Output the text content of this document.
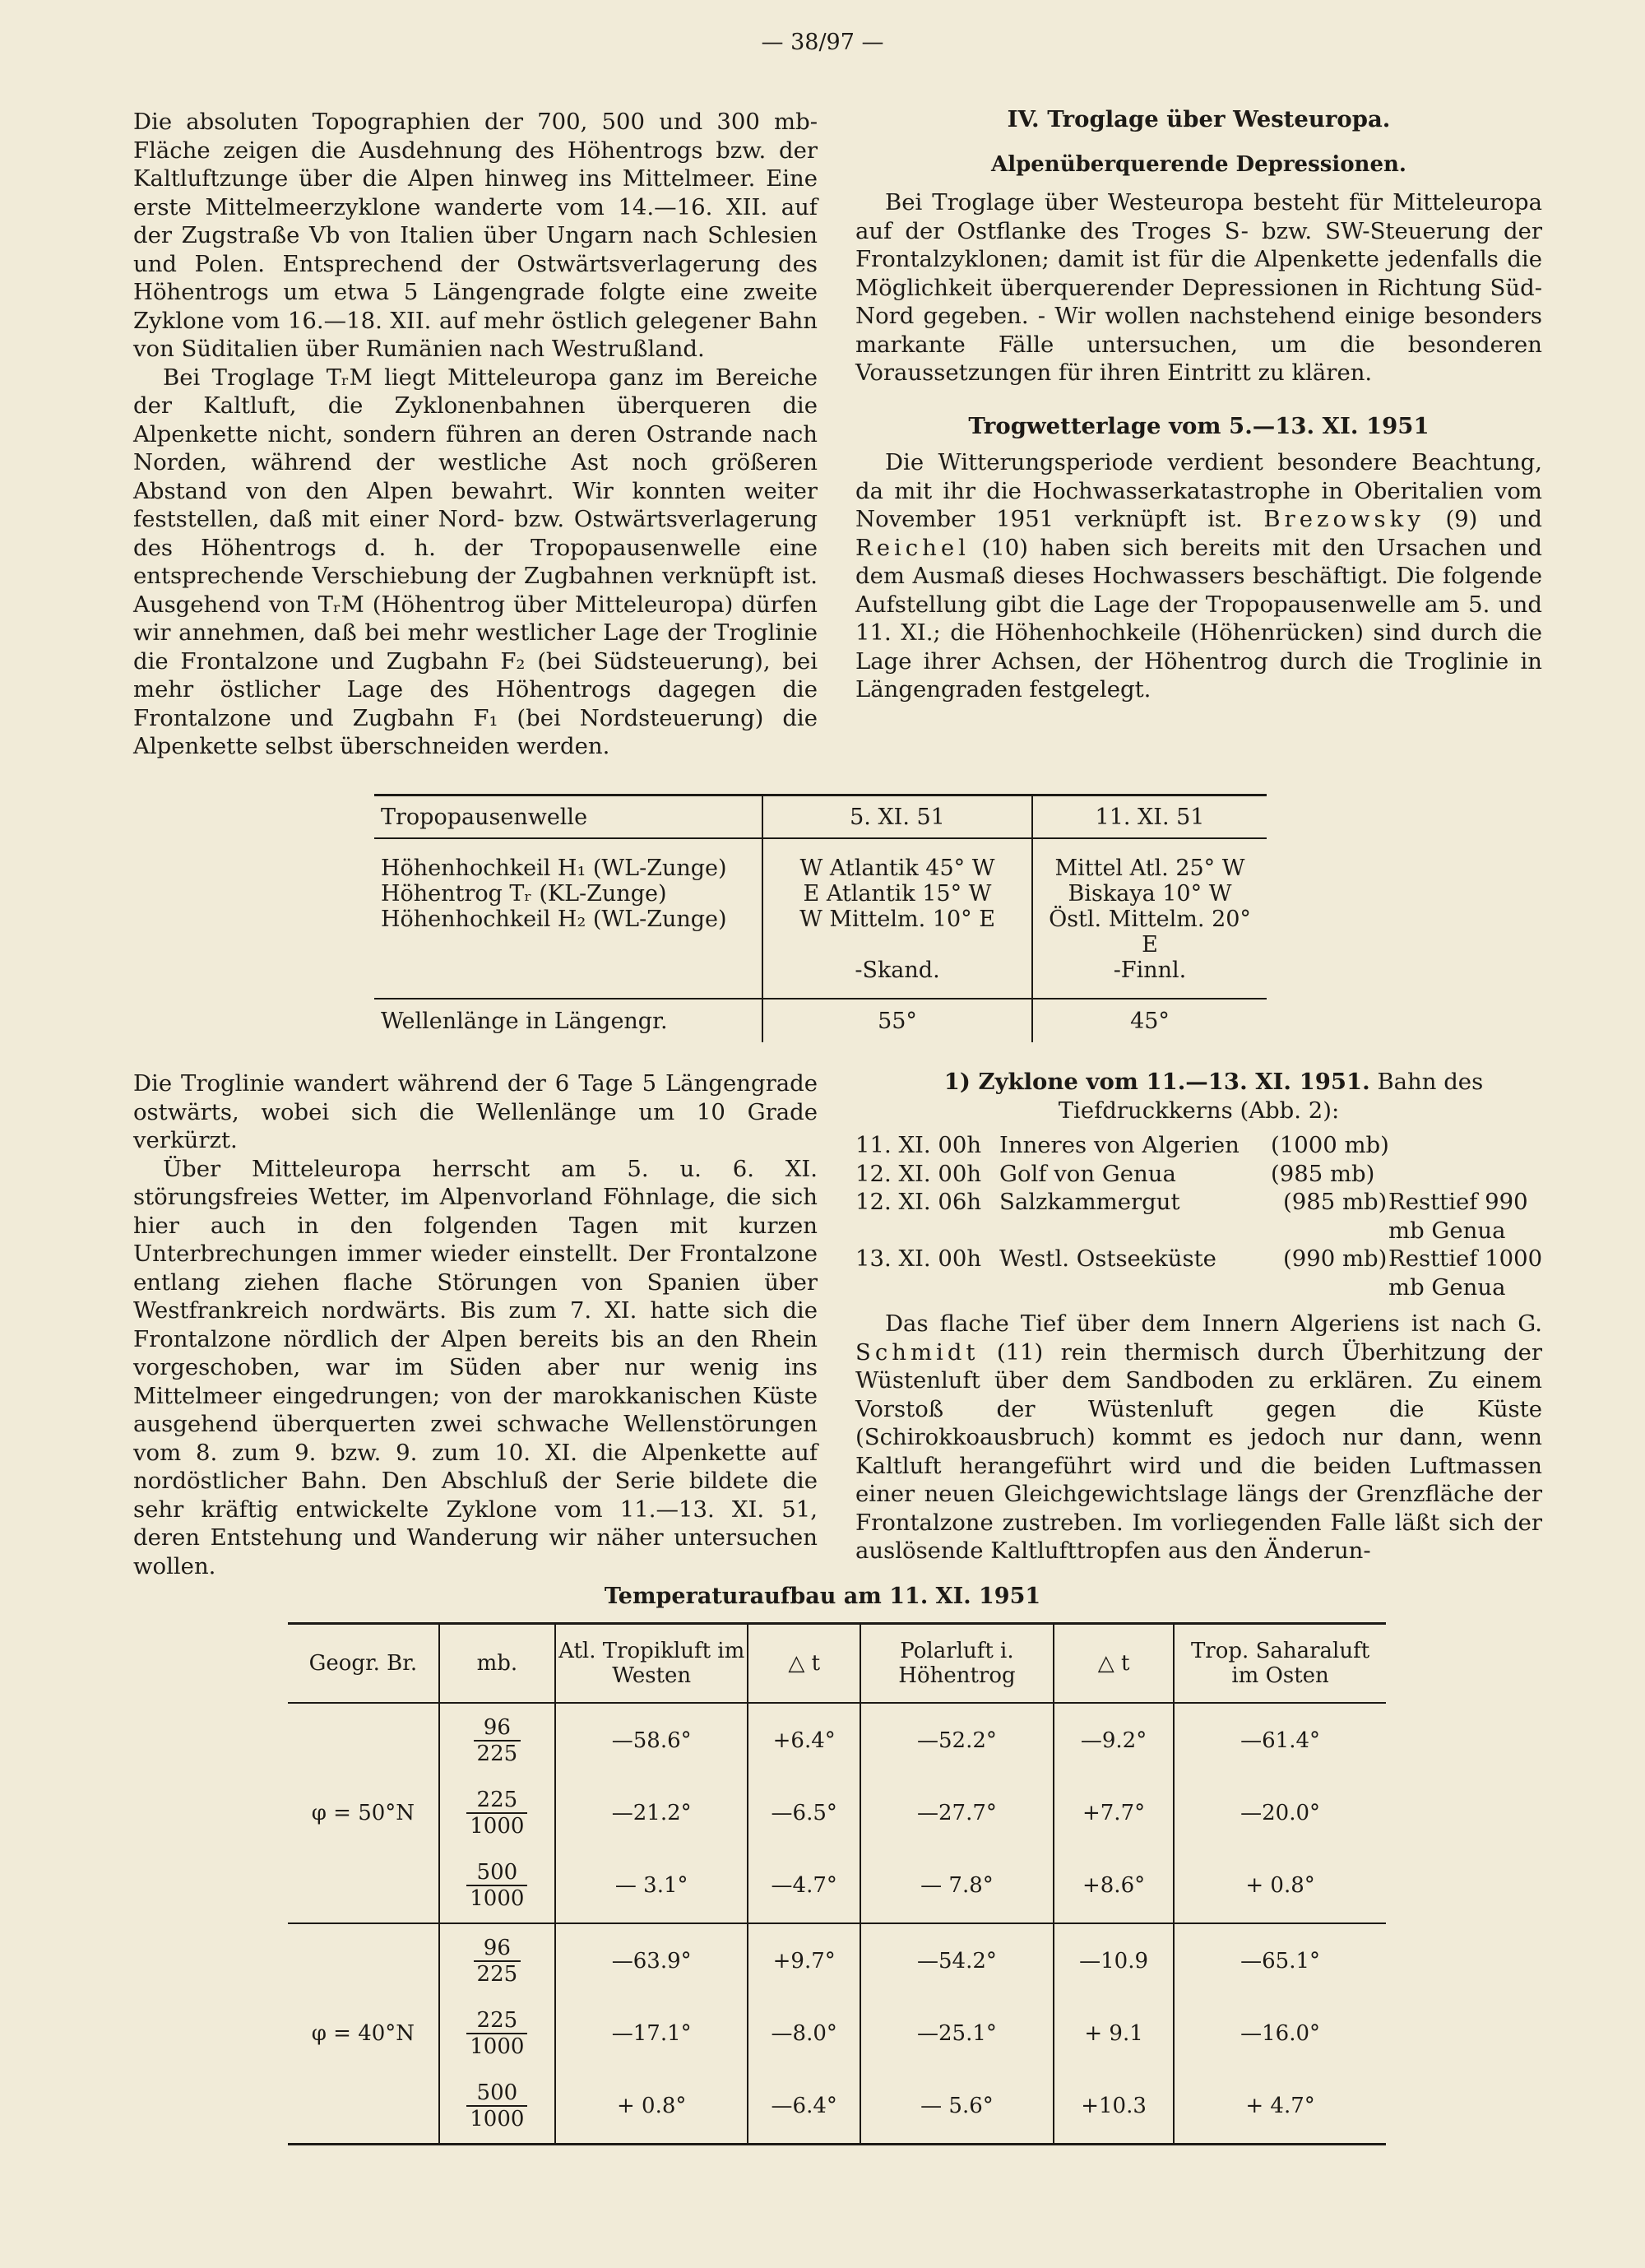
— 38/97 —

Die absoluten Topographien der 700, 500 und 300 mb-Fläche zeigen die Ausdehnung des Höhentrogs bzw. der Kaltluftzunge über die Alpen hinweg ins Mittelmeer. Eine erste Mittelmeerzyklone wanderte vom 14.—16. XII. auf der Zugstraße Vb von Italien über Ungarn nach Schlesien und Polen. Entsprechend der Ostwärtsverlagerung des Höhentrogs um etwa 5 Längengrade folgte eine zweite Zyklone vom 16.—18. XII. auf mehr östlich gelegener Bahn von Süditalien über Rumänien nach Westrußland.

Bei Troglage TᵣM liegt Mitteleuropa ganz im Bereiche der Kaltluft, die Zyklonenbahnen überqueren die Alpenkette nicht, sondern führen an deren Ostrande nach Norden, während der westliche Ast noch größeren Abstand von den Alpen bewahrt. Wir konnten weiter feststellen, daß mit einer Nord- bzw. Ostwärtsverlagerung des Höhentrogs d. h. der Tropopausenwelle eine entsprechende Verschiebung der Zugbahnen verknüpft ist. Ausgehend von TᵣM (Höhentrog über Mitteleuropa) dürfen wir annehmen, daß bei mehr westlicher Lage der Troglinie die Frontalzone und Zugbahn F₂ (bei Südsteuerung), bei mehr östlicher Lage des Höhentrogs dagegen die Frontalzone und Zugbahn F₁ (bei Nordsteuerung) die Alpenkette selbst überschneiden werden.

IV. Troglage über Westeuropa.

Alpenüberquerende Depressionen.

Bei Troglage über Westeuropa besteht für Mitteleuropa auf der Ostflanke des Troges S- bzw. SW-Steuerung der Frontalzyklonen; damit ist für die Alpenkette jedenfalls die Möglichkeit überquerender Depressionen in Richtung Süd-Nord gegeben. - Wir wollen nachstehend einige besonders markante Fälle untersuchen, um die besonderen Voraussetzungen für ihren Eintritt zu klären.

Trogwetterlage vom 5.—13. XI. 1951

Die Witterungsperiode verdient besondere Beachtung, da mit ihr die Hochwasserkatastrophe in Oberitalien vom November 1951 verknüpft ist. Brezowsky (9) und Reichel (10) haben sich bereits mit den Ursachen und dem Ausmaß dieses Hochwassers beschäftigt. Die folgende Aufstellung gibt die Lage der Tropopausenwelle am 5. und 11. XI.; die Höhenhochkeile (Höhenrücken) sind durch die Lage ihrer Achsen, der Höhentrog durch die Troglinie in Längengraden festgelegt.

Tropopausenwelle	5. XI. 51	11. XI. 51
Höhenhochkeil H₁ (WL-Zunge)	W Atlantik 45° W	Mittel Atl. 25° W
Höhentrog Tᵣ (KL-Zunge)	E Atlantik 15° W	Biskaya 10° W
Höhenhochkeil H₂ (WL-Zunge)	W Mittelm. 10° E	Östl. Mittelm. 20° E
	-Skand.	-Finnl.
Wellenlänge in Längengr.	55°	45°

Die Troglinie wandert während der 6 Tage 5 Längengrade ostwärts, wobei sich die Wellenlänge um 10 Grade verkürzt.

Über Mitteleuropa herrscht am 5. u. 6. XI. störungsfreies Wetter, im Alpenvorland Föhnlage, die sich hier auch in den folgenden Tagen mit kurzen Unterbrechungen immer wieder einstellt. Der Frontalzone entlang ziehen flache Störungen von Spanien über Westfrankreich nordwärts. Bis zum 7. XI. hatte sich die Frontalzone nördlich der Alpen bereits bis an den Rhein vorgeschoben, war im Süden aber nur wenig ins Mittelmeer eingedrungen; von der marokkanischen Küste ausgehend überquerten zwei schwache Wellenstörungen vom 8. zum 9. bzw. 9. zum 10. XI. die Alpenkette auf nordöstlicher Bahn. Den Abschluß der Serie bildete die sehr kräftig entwickelte Zyklone vom 11.—13. XI. 51, deren Entstehung und Wanderung wir näher untersuchen wollen.

1) Zyklone vom 11.—13. XI. 1951. Bahn des Tiefdruckkerns (Abb. 2):

11. XI. 00h Inneres von Algerien (1000 mb)
12. XI. 00h Golf von Genua	(985 mb)
12. XI. 06h Salzkammergut	(985 mb) Resttief 990
mb Genua
13. XI. 00h Westl. Ostseeküste	(990 mb) Resttief 1000
mb Genua

Das flache Tief über dem Innern Algeriens ist nach G. Schmidt (11) rein thermisch durch Überhitzung der Wüstenluft über dem Sandboden zu erklären. Zu einem Vorstoß der Wüstenluft gegen die Küste (Schirokkoausbruch) kommt es jedoch nur dann, wenn Kaltluft herangeführt wird und die beiden Luftmassen einer neuen Gleichgewichtslage längs der Grenzfläche der Frontalzone zustreben. Im vorliegenden Falle läßt sich der auslösende Kaltlufttropfen aus den Änderun-

Temperaturaufbau am 11. XI. 1951
Geogr. Br.	mb.	Atl. Tropikluft im Westen	△ t	Polarluft i. Höhentrog	△ t	Trop. Saharaluft im Osten
φ = 50°N	$\frac{96}{225}$	—58.6°	+6.4°	—52.2°	—9.2°	—61.4°

	$\frac{225}{1000}$	—21.2°	—6.5°	—27.7°	+7.7°	—20.0°

	$\frac{500}{1000}$	— 3.1°	—4.7°	— 7.8°	+8.6°	+ 0.8°
φ = 40°N	$\frac{96}{225}$	—63.9°	+9.7°	—54.2°	—10.9	—65.1°

	$\frac{225}{1000}$	—17.1°	—8.0°	—25.1°	+ 9.1	—16.0°

	$\frac{500}{1000}$	+ 0.8°	—6.4°	— 5.6°	+10.3	+ 4.7°
